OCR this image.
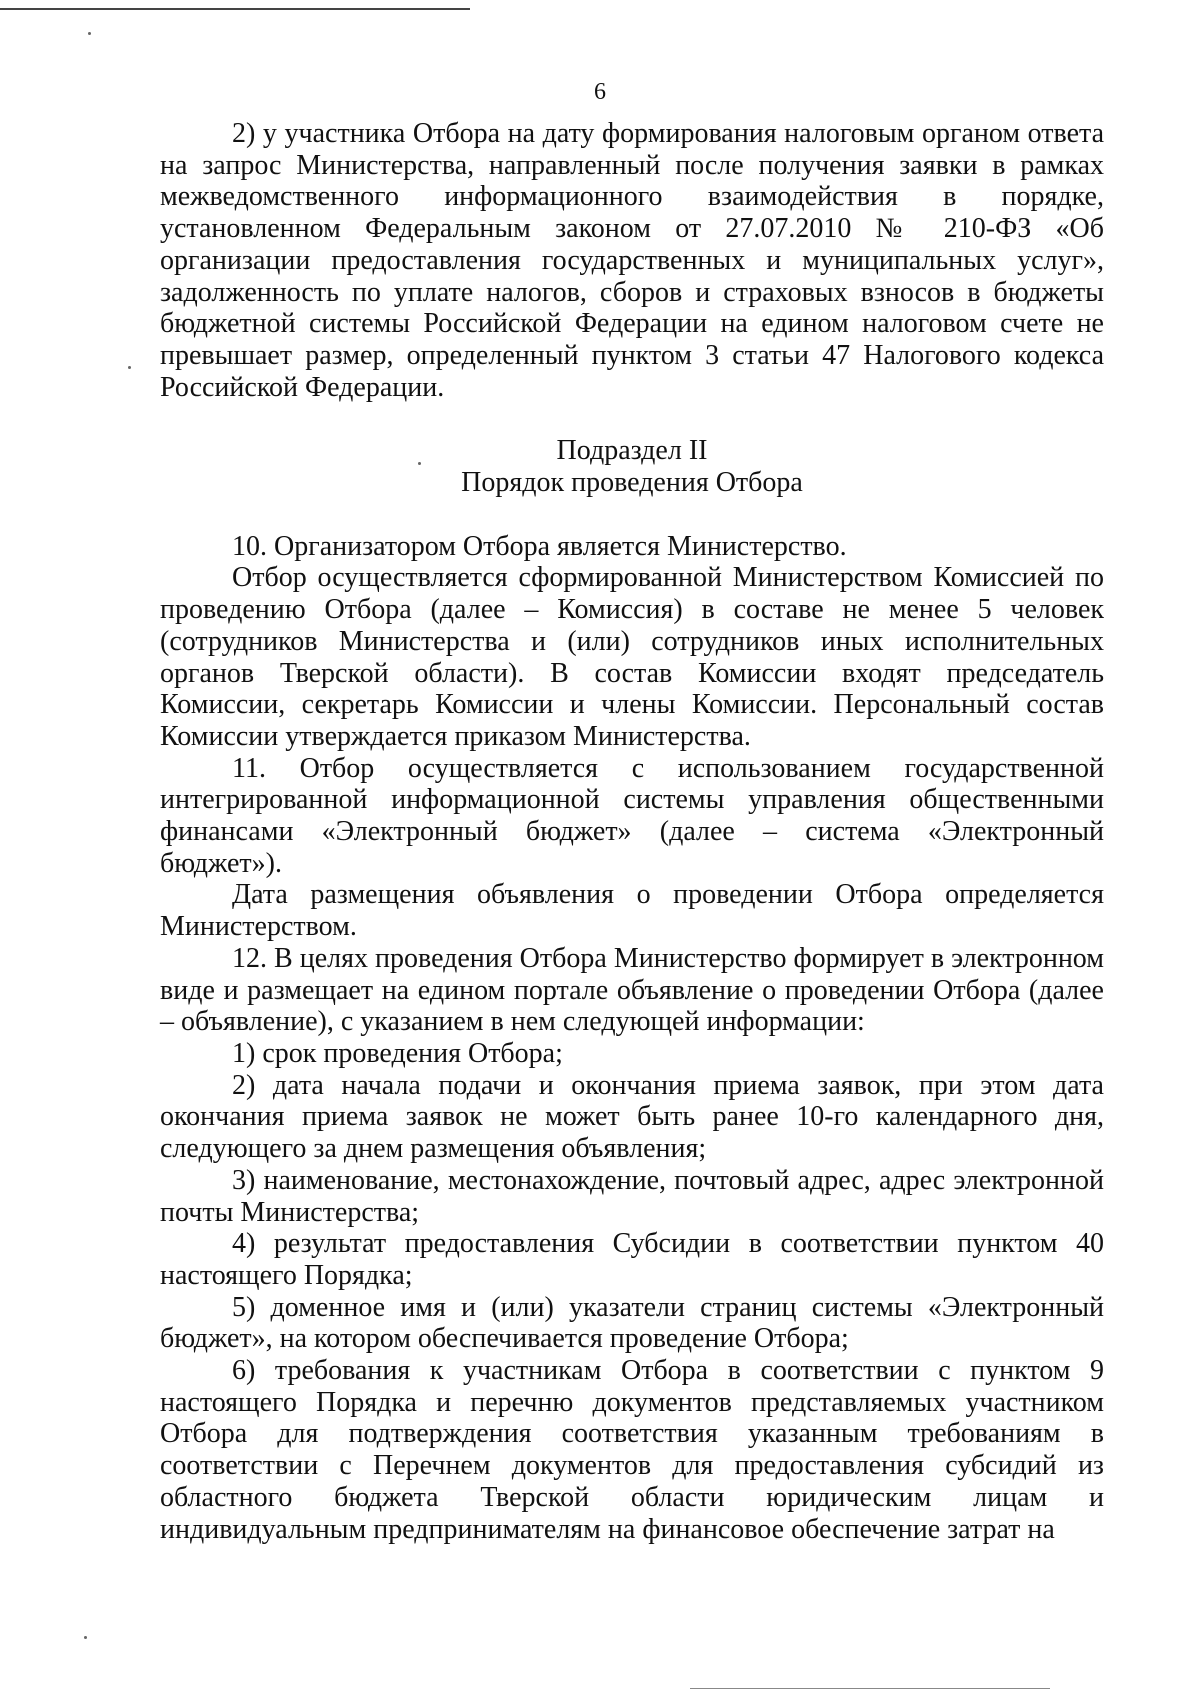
6

2) у участника Отбора на дату формирования налоговым органом ответа на запрос Министерства, направленный после получения заявки в рамках межведомственного информационного взаимодействия в порядке, установленном Федеральным законом от 27.07.2010 № 210-ФЗ «Об организации предоставления государственных и муниципальных услуг», задолженность по уплате налогов, сборов и страховых взносов в бюджеты бюджетной системы Российской Федерации на едином налоговом счете не превышает размер, определенный пунктом 3 статьи 47 Налогового кодекса Российской Федерации.

Подраздел II

Порядок проведения Отбора

10. Организатором Отбора является Министерство.

Отбор осуществляется сформированной Министерством Комиссией по проведению Отбора (далее – Комиссия) в составе не менее 5 человек (сотрудников Министерства и (или) сотрудников иных исполнительных органов Тверской области). В состав Комиссии входят председатель Комиссии, секретарь Комиссии и члены Комиссии. Персональный состав Комиссии утверждается приказом Министерства.

11. Отбор осуществляется с использованием государственной интегрированной информационной системы управления общественными финансами «Электронный бюджет» (далее – система «Электронный бюджет»).

Дата размещения объявления о проведении Отбора определяется Министерством.

12. В целях проведения Отбора Министерство формирует в электронном виде и размещает на едином портале объявление о проведении Отбора (далее – объявление), с указанием в нем следующей информации:

1) срок проведения Отбора;

2) дата начала подачи и окончания приема заявок, при этом дата окончания приема заявок не может быть ранее 10-го календарного дня, следующего за днем размещения объявления;

3) наименование, местонахождение, почтовый адрес, адрес электронной почты Министерства;

4) результат предоставления Субсидии в соответствии пунктом 40 настоящего Порядка;

5) доменное имя и (или) указатели страниц системы «Электронный бюджет», на котором обеспечивается проведение Отбора;

6) требования к участникам Отбора в соответствии с пунктом 9 настоящего Порядка и перечню документов представляемых участником Отбора для подтверждения соответствия указанным требованиям в соответствии с Перечнем документов для предоставления субсидий из областного бюджета Тверской области юридическим лицам и индивидуальным предпринимателям на финансовое обеспечение затрат на
